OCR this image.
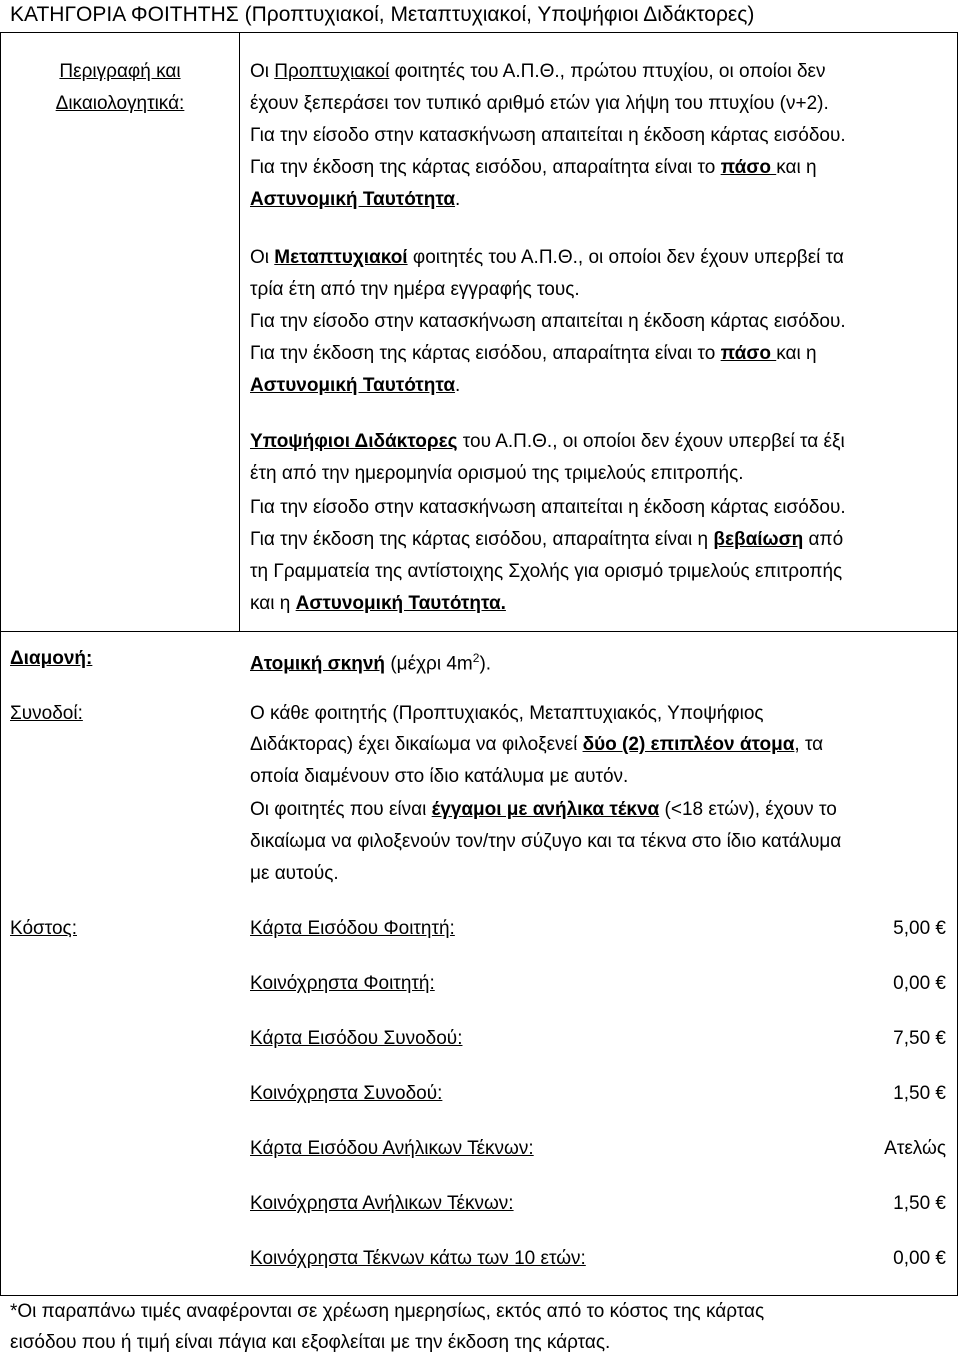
ΚΑΤΗΓΟΡΙΑ ΦΟΙΤΗΤΗΣ (Προπτυχιακοί, Μεταπτυχιακοί, Υποψήφιοι Διδάκτορες)
Περιγραφή και
Δικαιολογητικά:
Οι Προπτυχιακοί φοιτητές του Α.Π.Θ., πρώτου πτυχίου, οι οποίοι δεν
έχουν ξεπεράσει τον τυπικό αριθμό ετών για λήψη του πτυχίου (ν+2).
Για την είσοδο στην κατασκήνωση απαιτείται η έκδοση κάρτας εισόδου.
Για την έκδοση της κάρτας εισόδου, απαραίτητα είναι το πάσο και η
Αστυνομική Ταυτότητα.
Οι Μεταπτυχιακοί φοιτητές του Α.Π.Θ., οι οποίοι δεν έχουν υπερβεί τα
τρία έτη από την ημέρα εγγραφής τους.
Για την είσοδο στην κατασκήνωση απαιτείται η έκδοση κάρτας εισόδου.
Για την έκδοση της κάρτας εισόδου, απαραίτητα είναι το πάσο και η
Αστυνομική Ταυτότητα.
Υποψήφιοι Διδάκτορες του Α.Π.Θ., οι οποίοι δεν έχουν υπερβεί τα έξι
έτη από την ημερομηνία ορισμού της τριμελούς επιτροπής.
Για την είσοδο στην κατασκήνωση απαιτείται η έκδοση κάρτας εισόδου.
Για την έκδοση της κάρτας εισόδου, απαραίτητα είναι η βεβαίωση από
τη Γραμματεία της αντίστοιχης Σχολής για ορισμό τριμελούς επιτροπής
και η Αστυνομική Ταυτότητα.
Διαμονή:	Ατομική σκηνή (μέχρι $4m^2$).
Συνοδοί:	Ο κάθε φοιτητής (Προπτυχιακός, Μεταπτυχιακός, Υποψήφιος
Διδάκτορας) έχει δικαίωμα να φιλοξενεί δύο (2) επιπλέον άτομα, τα
οποία διαμένουν στο ίδιο κατάλυμα με αυτόν.
Οι φοιτητές που είναι έγγαμοι με ανήλικα τέκνα (<18 ετών), έχουν το
δικαίωμα να φιλοξενούν τον/την σύζυγο και τα τέκνα στο ίδιο κατάλυμα
με αυτούς.
Κόστος:	Κάρτα Εισόδου Φοιτητή:	5,00 €
Κοινόχρηστα Φοιτητή:	0,00 €
Κάρτα Εισόδου Συνοδού:	7,50 €
Κοινόχρηστα Συνοδού:	1,50 €
Κάρτα Εισόδου Ανήλικων Τέκνων:	Ατελώς
Κοινόχρηστα Ανήλικων Τέκνων:	1,50 €
Κοινόχρηστα Τέκνων κάτω των 10 ετών:	0,00 €
*Οι παραπάνω τιμές αναφέρονται σε χρέωση ημερησίως, εκτός από το κόστος της κάρτας
εισόδου που ή τιμή είναι πάγια και εξοφλείται με την έκδοση της κάρτας.
